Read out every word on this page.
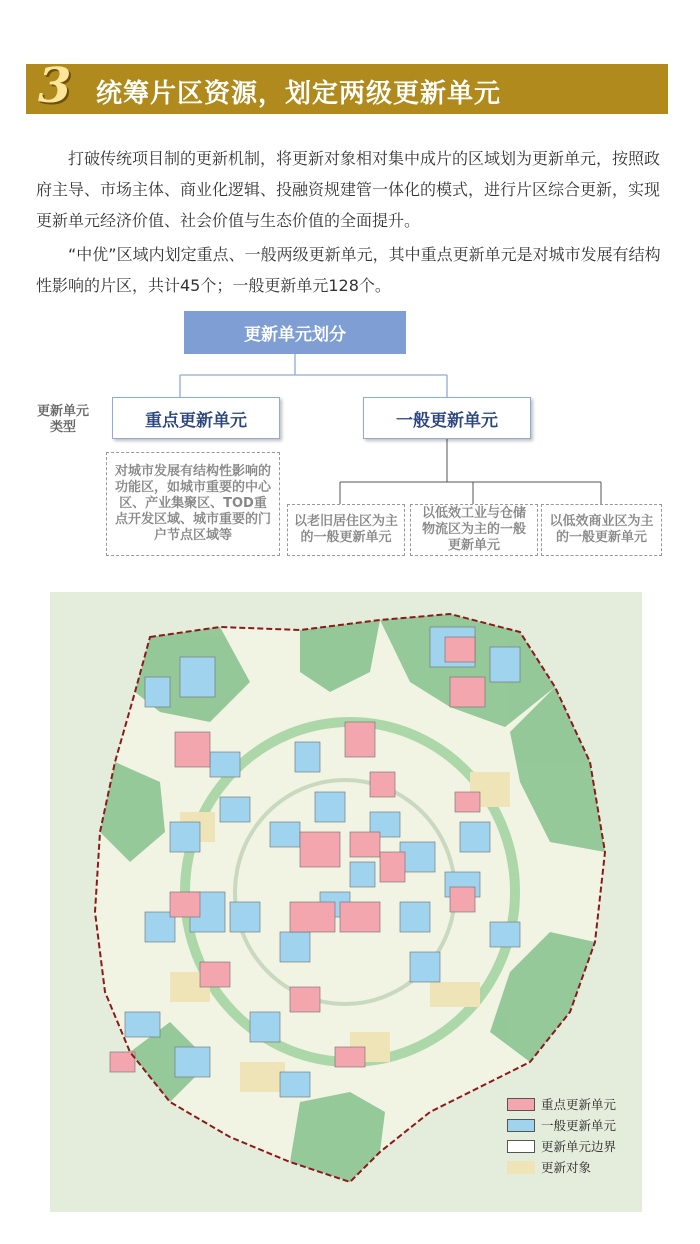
3 统筹片区资源，划定两级更新单元

打破传统项目制的更新机制，将更新对象相对集中成片的区域划为更新单元，按照政府主导、市场主体、商业化逻辑、投融资规建管一体化的模式，进行片区综合更新，实现更新单元经济价值、社会价值与生态价值的全面提升。

“中优”区域内划定重点、一般两级更新单元，其中重点更新单元是对城市发展有结构性影响的片区，共计45个；一般更新单元128个。

更新单元划分
更新单元
类型	重点更新单元	一般更新单元
对城市发展有结构性影响的功能区，如城市重要的中心区、产业集聚区、TOD重点开发区域、城市重要的门户节点区域等
以老旧居住区为主的一般更新单元
以低效工业与仓储物流区为主的一般更新单元
以低效商业区为主的一般更新单元
重点更新单元
一般更新单元
更新单元边界
更新对象
